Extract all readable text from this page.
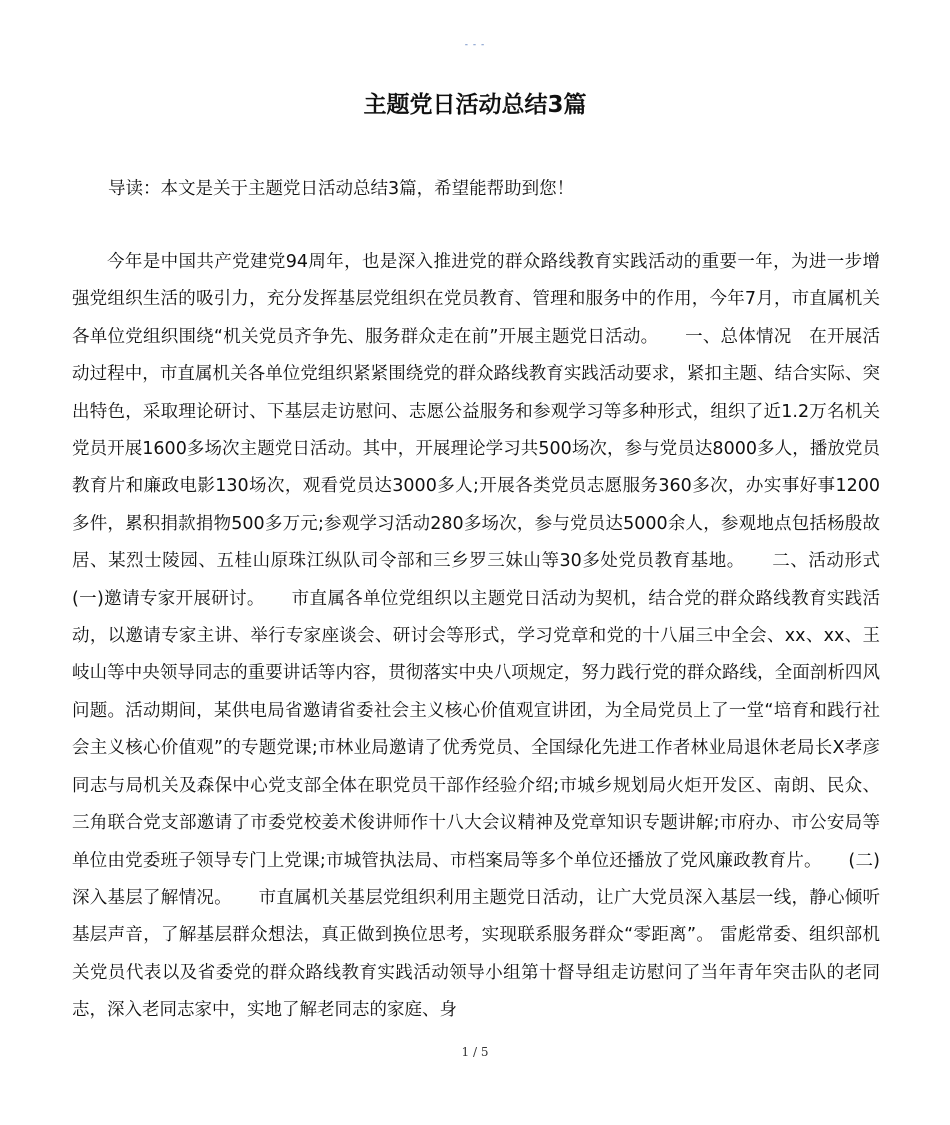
- - -
主题党日活动总结3篇
导读：本文是关于主题党日活动总结3篇，希望能帮助到您！
今年是中国共产党建党94周年，也是深入推进党的群众路线教育实践活动的重要一年，为进一步增强党组织生活的吸引力，充分发挥基层党组织在党员教育、管理和服务中的作用，今年7月，市直属机关各单位党组织围绕“机关党员齐争先、服务群众走在前”开展主题党日活动。　　一、总体情况　在开展活动过程中，市直属机关各单位党组织紧紧围绕党的群众路线教育实践活动要求，紧扣主题、结合实际、突出特色，采取理论研讨、下基层走访慰问、志愿公益服务和参观学习等多种形式，组织了近1.2万名机关党员开展1600多场次主题党日活动。其中，开展理论学习共500场次，参与党员达8000多人，播放党员教育片和廉政电影130场次，观看党员达3000多人;开展各类党员志愿服务360多次，办实事好事1200多件，累积捐款捐物500多万元;参观学习活动280多场次，参与党员达5000余人，参观地点包括杨殷故居、某烈士陵园、五桂山原珠江纵队司令部和三乡罗三妹山等30多处党员教育基地。　　二、活动形式　　(一)邀请专家开展研讨。　　市直属各单位党组织以主题党日活动为契机，结合党的群众路线教育实践活动，以邀请专家主讲、举行专家座谈会、研讨会等形式，学习党章和党的十八届三中全会、xx、xx、王岐山等中央领导同志的重要讲话等内容，贯彻落实中央八项规定，努力践行党的群众路线，全面剖析四风问题。活动期间，某供电局省邀请省委社会主义核心价值观宣讲团，为全局党员上了一堂“培育和践行社会主义核心价值观”的专题党课;市林业局邀请了优秀党员、全国绿化先进工作者林业局退休老局长X孝彦同志与局机关及森保中心党支部全体在职党员干部作经验介绍;市城乡规划局火炬开发区、南朗、民众、三角联合党支部邀请了市委党校姜术俊讲师作十八大会议精神及党章知识专题讲解;市府办、市公安局等单位由党委班子领导专门上党课;市城管执法局、市档案局等多个单位还播放了党风廉政教育片。　　(二)深入基层了解情况。　　市直属机关基层党组织利用主题党日活动，让广大党员深入基层一线，静心倾听基层声音，了解基层群众想法，真正做到换位思考，实现联系服务群众“零距离”。 雷彪常委、组织部机关党员代表以及省委党的群众路线教育实践活动领导小组第十督导组走访慰问了当年青年突击队的老同志，深入老同志家中，实地了解老同志的家庭、身
1 / 5
